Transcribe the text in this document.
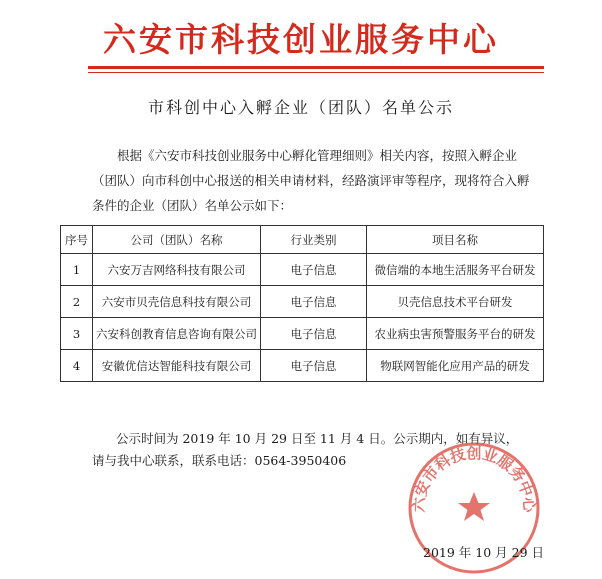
六安市科技创业服务中心
市科创中心入孵企业（团队）名单公示

根据《六安市科技创业服务中心孵化管理细则》相关内容，按照入孵企业（团队）向市科创中心报送的相关申请材料，经路演评审等程序，现将符合入孵条件的企业（团队）名单公示如下：

序号	公司（团队）名称	行业类别	项目名称
1	六安万吉网络科技有限公司	电子信息	微信端的本地生活服务平台研发
2	六安市贝壳信息科技有限公司	电子信息	贝壳信息技术平台研发
3	六安科创教育信息咨询有限公司	电子信息	农业病虫害预警服务平台的研发
4	安徽优信达智能科技有限公司	电子信息	物联网智能化应用产品的研发

公示时间为 2019 年 10 月 29 日至 11 月 4 日。公示期内，如有异议，请与我中心联系，联系电话：0564-3950406

六安市科技创业服务中心
2019 年 10 月 29 日
